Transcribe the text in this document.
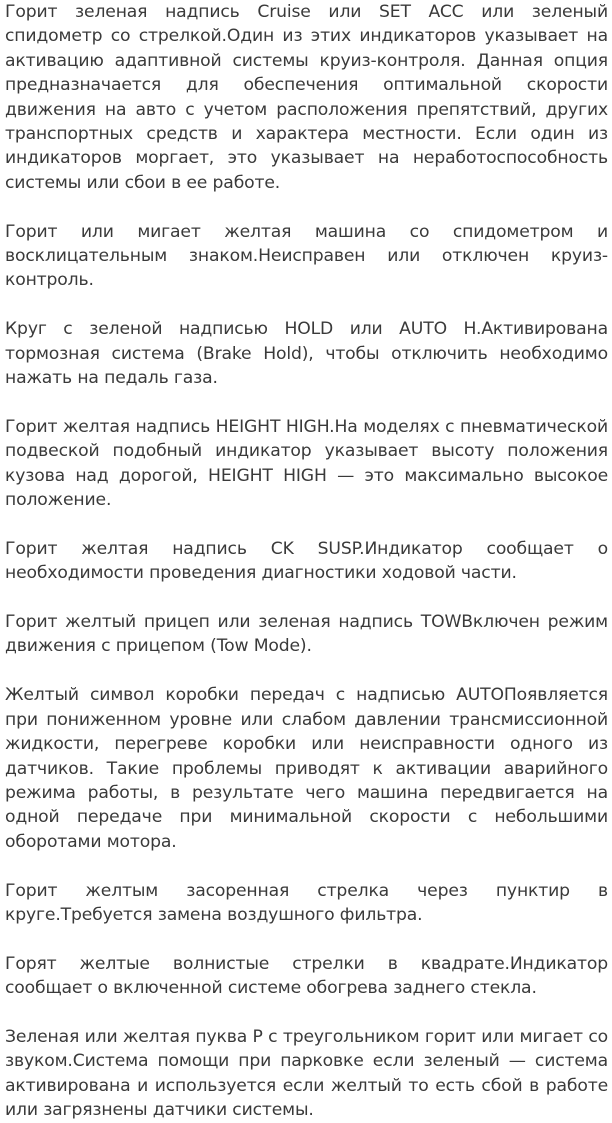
Горит зеленая надпись Cruise или SET ACC или зеленый спидометр со стрелкой.Один из этих индикаторов указывает на активацию адаптивной системы круиз-контроля. Данная опция предназначается для обеспечения оптимальной скорости движения на авто с учетом расположения препятствий, других транспортных средств и характера местности. Если один из индикаторов моргает, это указывает на неработоспособность системы или сбои в ее работе.

Горит или мигает желтая машина со спидометром и восклицательным знаком.Неисправен или отключен круиз-контроль.

Круг с зеленой надписью HOLD или AUTO H.Активирована тормозная система (Brake Hold), чтобы отключить необходимо нажать на педаль газа.

Горит желтая надпись HEIGHT HIGH.На моделях с пневматической подвеской подобный индикатор указывает высоту положения кузова над дорогой, HEIGHT HIGH — это максимально высокое положение.

Горит желтая надпись CK SUSP.Индикатор сообщает о необходимости проведения диагностики ходовой части.

Горит желтый прицеп или зеленая надпись TOWВключен режим движения с прицепом (Tow Mode).

Желтый символ коробки передач с надписью AUTOПоявляется при пониженном уровне или слабом давлении трансмиссионной жидкости, перегреве коробки или неисправности одного из датчиков. Такие проблемы приводят к активации аварийного режима работы, в результате чего машина передвигается на одной передаче при минимальной скорости с небольшими оборотами мотора.

Горит желтым засоренная стрелка через пунктир в круге.Требуется замена воздушного фильтра.

Горят желтые волнистые стрелки в квадрате.Индикатор сообщает о включенной системе обогрева заднего стекла.

Зеленая или желтая пуква Р с треугольником горит или мигает со звуком.Система помощи при парковке если зеленый — система активирована и используется если желтый то есть сбой в работе или загрязнены датчики системы.
